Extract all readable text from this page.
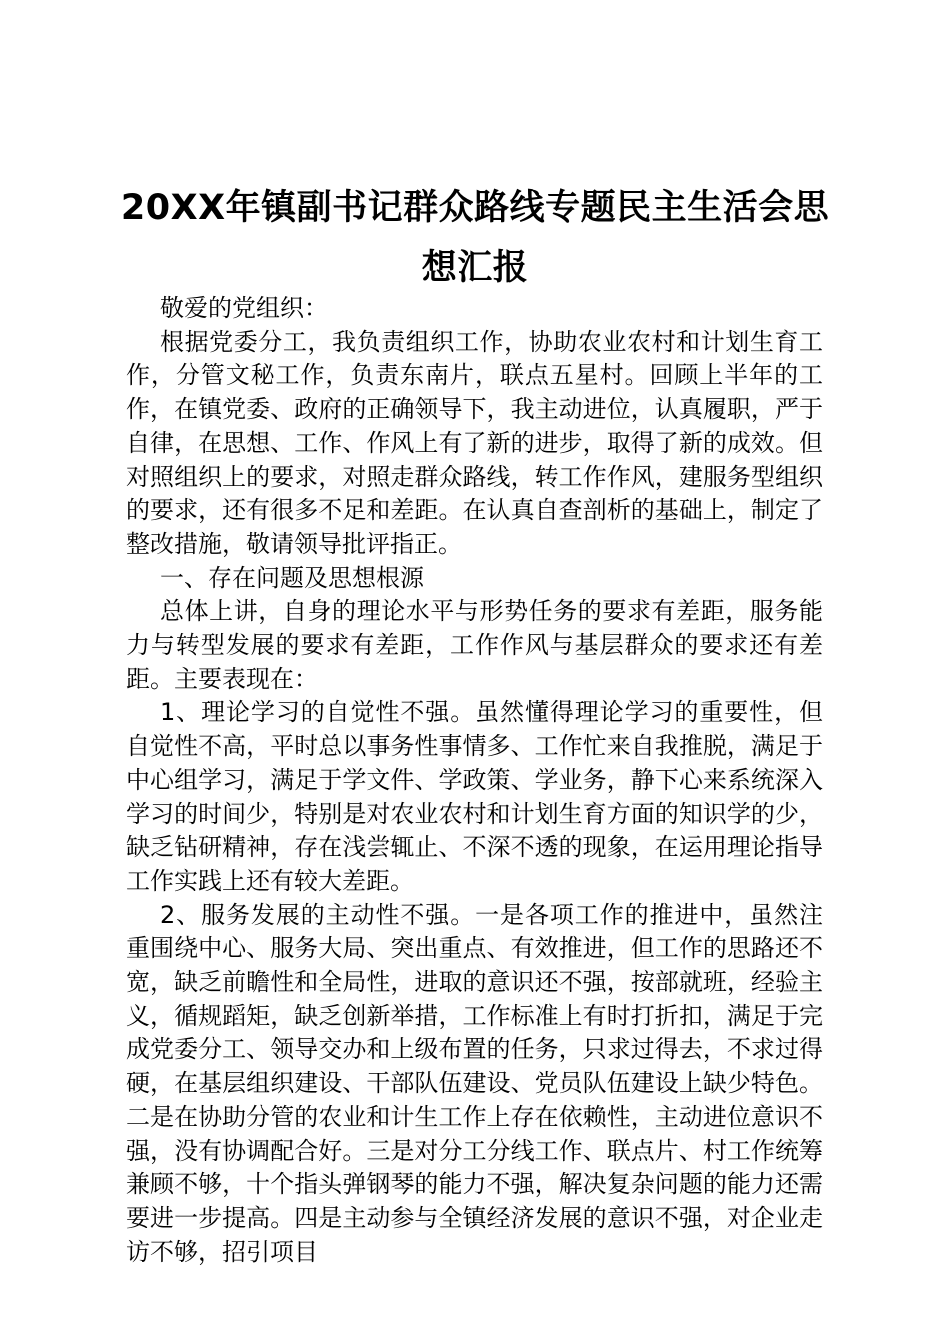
20XX年镇副书记群众路线专题民主生活会思想汇报

敬爱的党组织：

根据党委分工，我负责组织工作，协助农业农村和计划生育工作，分管文秘工作，负责东南片，联点五星村。回顾上半年的工作，在镇党委、政府的正确领导下，我主动进位，认真履职，严于自律，在思想、工作、作风上有了新的进步，取得了新的成效。但对照组织上的要求，对照走群众路线，转工作作风，建服务型组织的要求，还有很多不足和差距。在认真自查剖析的基础上，制定了整改措施，敬请领导批评指正。

一、存在问题及思想根源

总体上讲，自身的理论水平与形势任务的要求有差距，服务能力与转型发展的要求有差距，工作作风与基层群众的要求还有差距。主要表现在：

1、理论学习的自觉性不强。虽然懂得理论学习的重要性，但自觉性不高，平时总以事务性事情多、工作忙来自我推脱，满足于中心组学习，满足于学文件、学政策、学业务，静下心来系统深入学习的时间少，特别是对农业农村和计划生育方面的知识学的少，缺乏钻研精神，存在浅尝辄止、不深不透的现象，在运用理论指导工作实践上还有较大差距。

2、服务发展的主动性不强。一是各项工作的推进中，虽然注重围绕中心、服务大局、突出重点、有效推进，但工作的思路还不宽，缺乏前瞻性和全局性，进取的意识还不强，按部就班，经验主义，循规蹈矩，缺乏创新举措，工作标准上有时打折扣，满足于完成党委分工、领导交办和上级布置的任务，只求过得去，不求过得硬，在基层组织建设、干部队伍建设、党员队伍建设上缺少特色。二是在协助分管的农业和计生工作上存在依赖性，主动进位意识不强，没有协调配合好。三是对分工分线工作、联点片、村工作统筹兼顾不够，十个指头弹钢琴的能力不强，解决复杂问题的能力还需要进一步提高。四是主动参与全镇经济发展的意识不强，对企业走访不够，招引项目
